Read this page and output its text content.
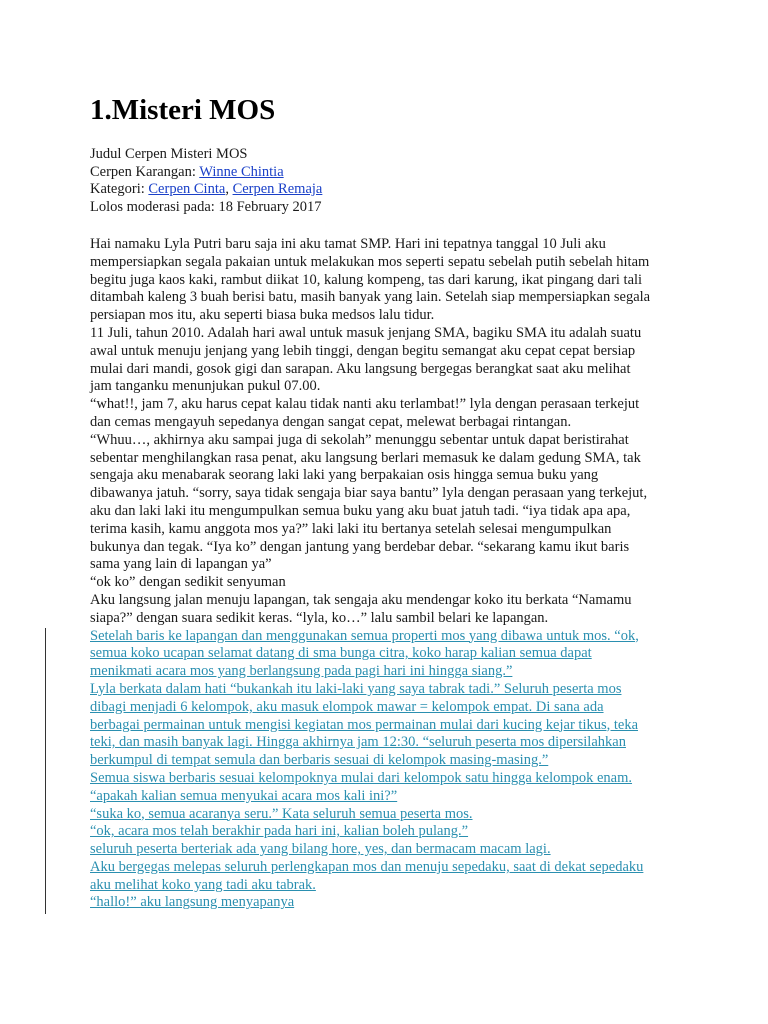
1.Misteri MOS
Judul Cerpen Misteri MOS
Cerpen Karangan: Winne Chintia
Kategori: Cerpen Cinta, Cerpen Remaja
Lolos moderasi pada: 18 February 2017

Hai namaku Lyla Putri baru saja ini aku tamat SMP. Hari ini tepatnya tanggal 10 Juli aku

mempersiapkan segala pakaian untuk melakukan mos seperti sepatu sebelah putih sebelah hitam

begitu juga kaos kaki, rambut diikat 10, kalung kompeng, tas dari karung, ikat pingang dari tali

ditambah kaleng 3 buah berisi batu, masih banyak yang lain. Setelah siap mempersiapkan segala

persiapan mos itu, aku seperti biasa buka medsos lalu tidur.

11 Juli, tahun 2010. Adalah hari awal untuk masuk jenjang SMA, bagiku SMA itu adalah suatu

awal untuk menuju jenjang yang lebih tinggi, dengan begitu semangat aku cepat cepat bersiap

mulai dari mandi, gosok gigi dan sarapan. Aku langsung bergegas berangkat saat aku melihat

jam tanganku menunjukan pukul 07.00.

“what!!, jam 7, aku harus cepat kalau tidak nanti aku terlambat!” lyla dengan perasaan terkejut

dan cemas mengayuh sepedanya dengan sangat cepat, melewat berbagai rintangan.

“Whuu…, akhirnya aku sampai juga di sekolah” menunggu sebentar untuk dapat beristirahat

sebentar menghilangkan rasa penat, aku langsung berlari memasuk ke dalam gedung SMA, tak

sengaja aku menabarak seorang laki laki yang berpakaian osis hingga semua buku yang

dibawanya jatuh. “sorry, saya tidak sengaja biar saya bantu” lyla dengan perasaan yang terkejut,

aku dan laki laki itu mengumpulkan semua buku yang aku buat jatuh tadi. “iya tidak apa apa,

terima kasih, kamu anggota mos ya?” laki laki itu bertanya setelah selesai mengumpulkan

bukunya dan tegak. “Iya ko” dengan jantung yang berdebar debar. “sekarang kamu ikut baris

sama yang lain di lapangan ya”

“ok ko” dengan sedikit senyuman

Aku langsung jalan menuju lapangan, tak sengaja aku mendengar koko itu berkata “Namamu

siapa?” dengan suara sedikit keras. “lyla, ko…” lalu sambil belari ke lapangan.

Setelah baris ke lapangan dan menggunakan semua properti mos yang dibawa untuk mos. “ok,

semua koko ucapan selamat datang di sma bunga citra, koko harap kalian semua dapat

menikmati acara mos yang berlangsung pada pagi hari ini hingga siang.”

Lyla berkata dalam hati “bukankah itu laki-laki yang saya tabrak tadi.” Seluruh peserta mos

dibagi menjadi 6 kelompok, aku masuk elompok mawar = kelompok empat. Di sana ada

berbagai permainan untuk mengisi kegiatan mos permainan mulai dari kucing kejar tikus, teka

teki, dan masih banyak lagi. Hingga akhirnya jam 12:30. “seluruh peserta mos dipersilahkan

berkumpul di tempat semula dan berbaris sesuai di kelompok masing-masing.”

Semua siswa berbaris sesuai kelompoknya mulai dari kelompok satu hingga kelompok enam.

“apakah kalian semua menyukai acara mos kali ini?”

“suka ko, semua acaranya seru.” Kata seluruh semua peserta mos.

“ok, acara mos telah berakhir pada hari ini, kalian boleh pulang.”

seluruh peserta berteriak ada yang bilang hore, yes, dan bermacam macam lagi.

Aku bergegas melepas seluruh perlengkapan mos dan menuju sepedaku, saat di dekat sepedaku

aku melihat koko yang tadi aku tabrak.

“hallo!” aku langsung menyapanya
